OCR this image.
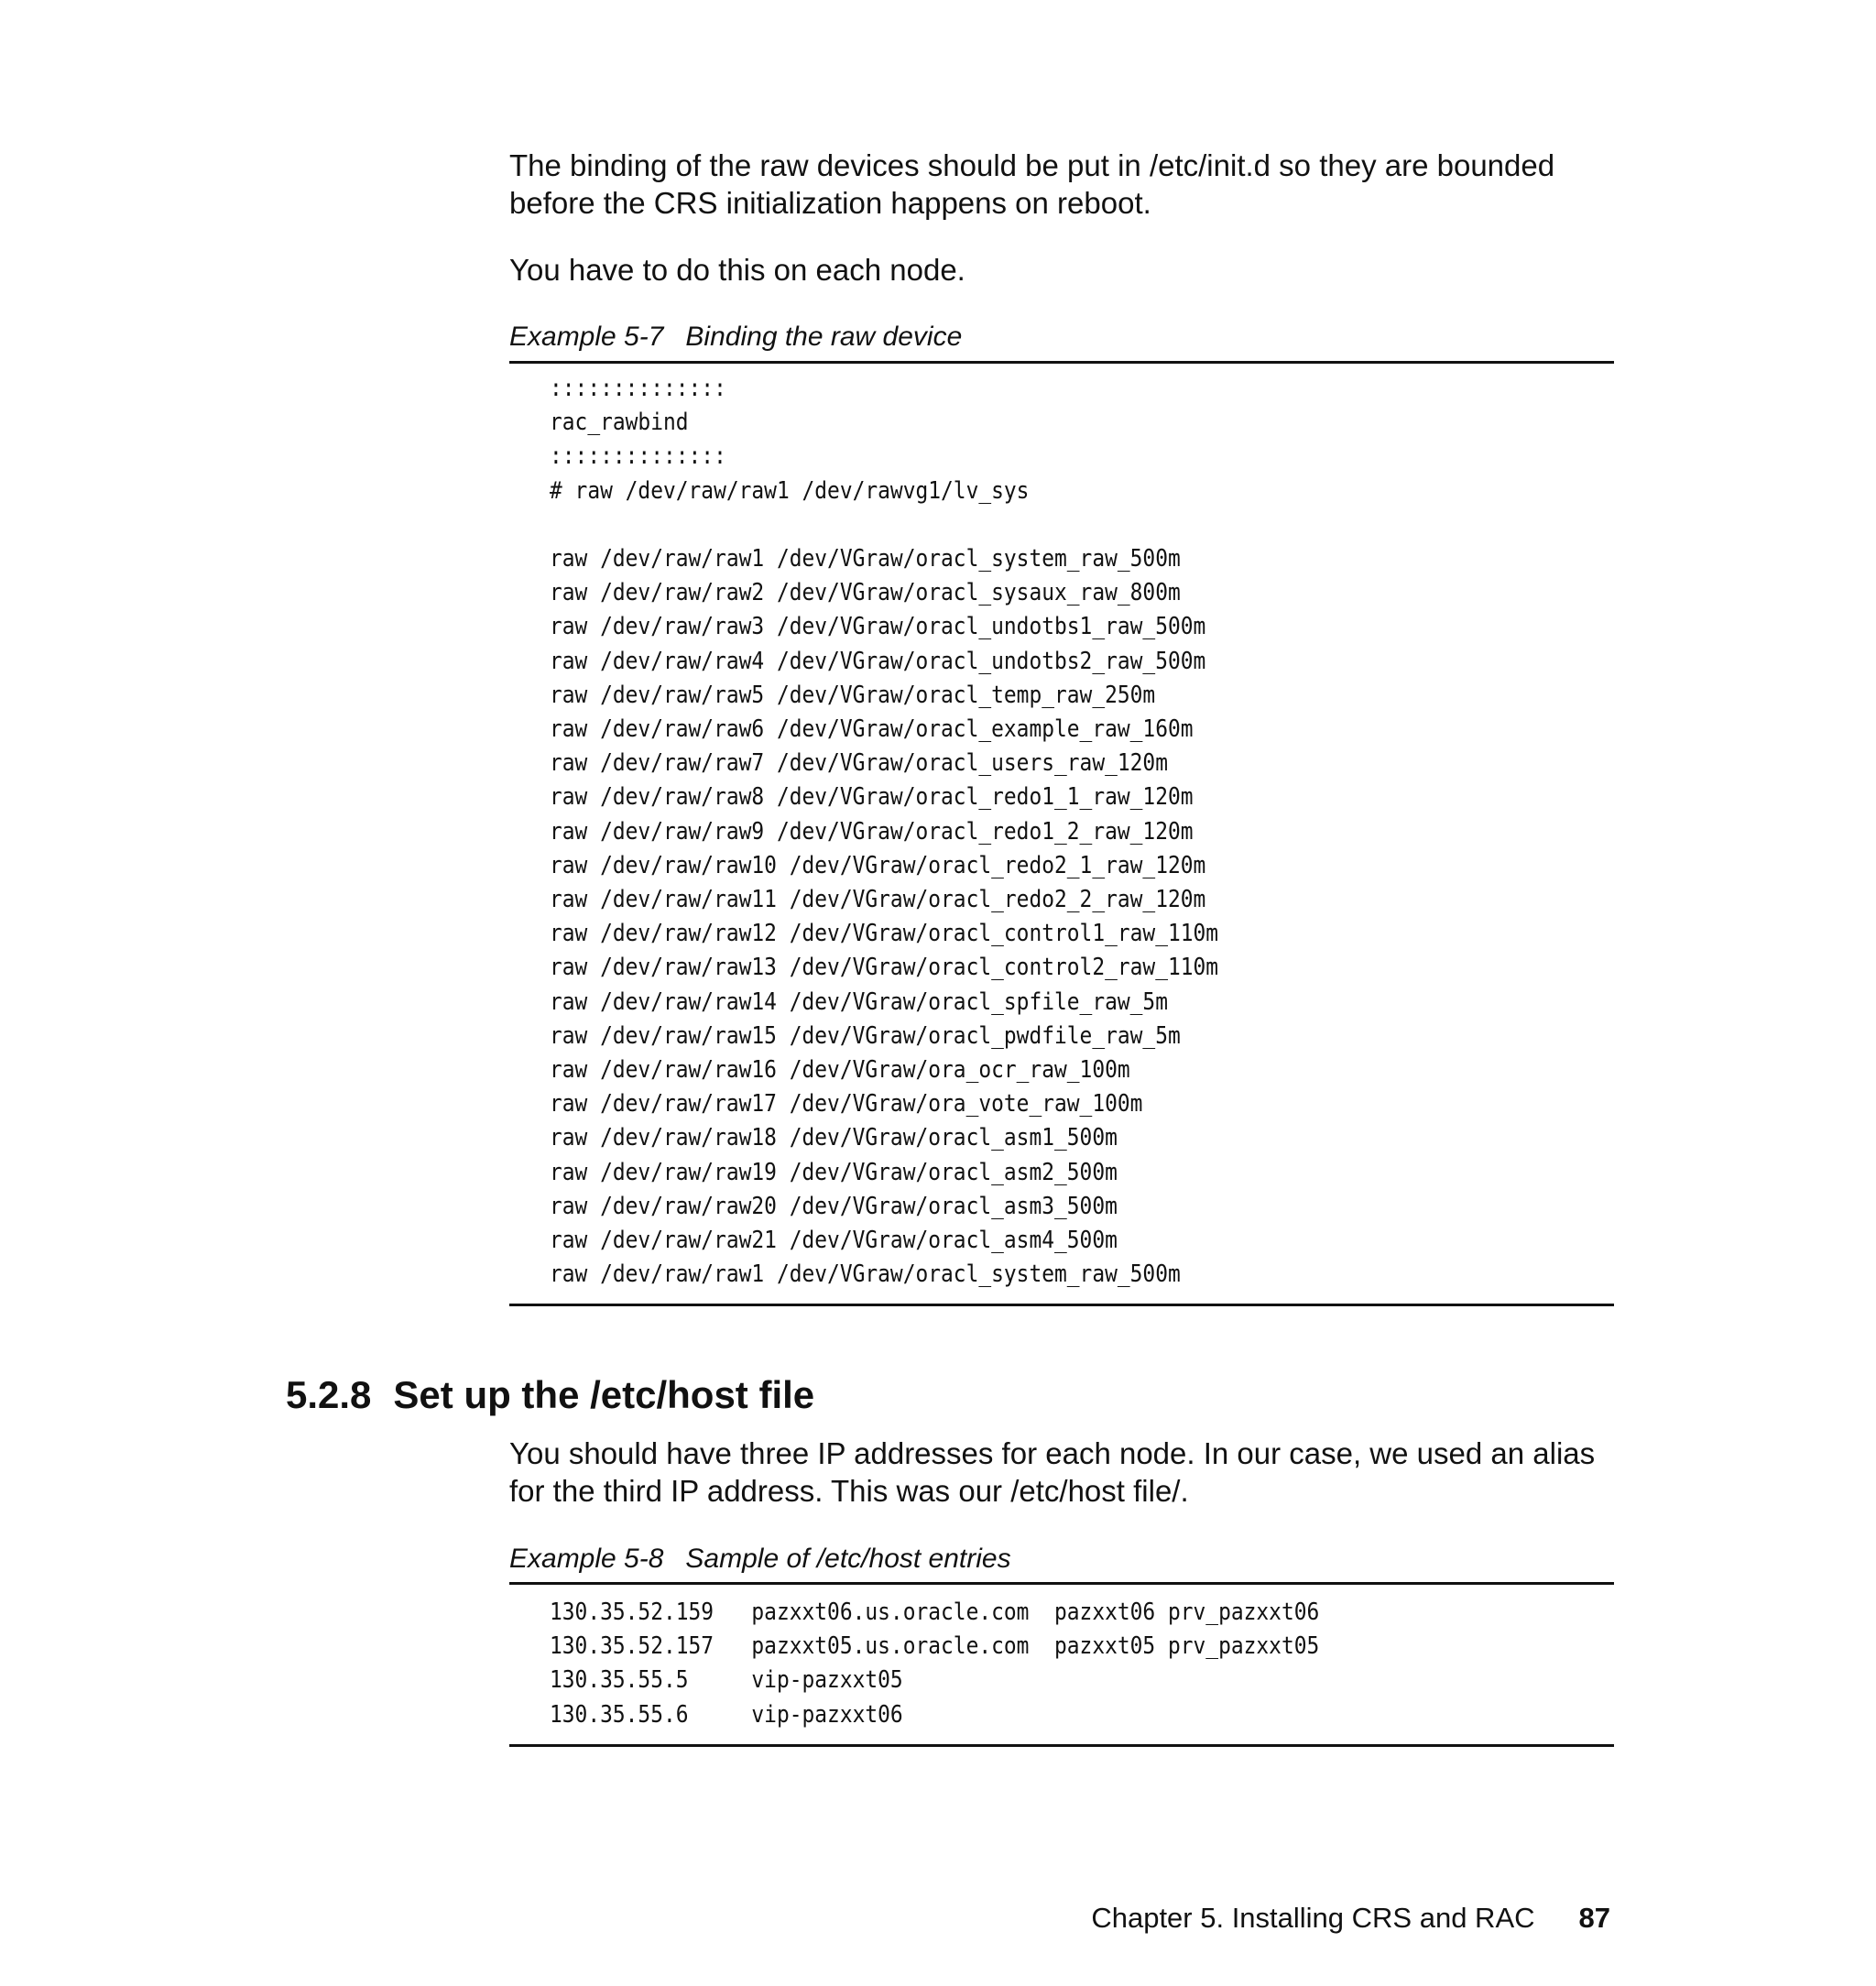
The binding of the raw devices should be put in /etc/init.d so they are bounded before the CRS initialization happens on reboot.

You have to do this on each node.

Example 5-7 Binding the raw device

::::::::::::::
rac_rawbind
::::::::::::::
# raw /dev/raw/raw1 /dev/rawvg1/lv_sys

raw /dev/raw/raw1 /dev/VGraw/oracl_system_raw_500m
raw /dev/raw/raw2 /dev/VGraw/oracl_sysaux_raw_800m
raw /dev/raw/raw3 /dev/VGraw/oracl_undotbs1_raw_500m
raw /dev/raw/raw4 /dev/VGraw/oracl_undotbs2_raw_500m
raw /dev/raw/raw5 /dev/VGraw/oracl_temp_raw_250m
raw /dev/raw/raw6 /dev/VGraw/oracl_example_raw_160m
raw /dev/raw/raw7 /dev/VGraw/oracl_users_raw_120m
raw /dev/raw/raw8 /dev/VGraw/oracl_redo1_1_raw_120m
raw /dev/raw/raw9 /dev/VGraw/oracl_redo1_2_raw_120m
raw /dev/raw/raw10 /dev/VGraw/oracl_redo2_1_raw_120m
raw /dev/raw/raw11 /dev/VGraw/oracl_redo2_2_raw_120m
raw /dev/raw/raw12 /dev/VGraw/oracl_control1_raw_110m
raw /dev/raw/raw13 /dev/VGraw/oracl_control2_raw_110m
raw /dev/raw/raw14 /dev/VGraw/oracl_spfile_raw_5m
raw /dev/raw/raw15 /dev/VGraw/oracl_pwdfile_raw_5m
raw /dev/raw/raw16 /dev/VGraw/ora_ocr_raw_100m
raw /dev/raw/raw17 /dev/VGraw/ora_vote_raw_100m
raw /dev/raw/raw18 /dev/VGraw/oracl_asm1_500m
raw /dev/raw/raw19 /dev/VGraw/oracl_asm2_500m
raw /dev/raw/raw20 /dev/VGraw/oracl_asm3_500m
raw /dev/raw/raw21 /dev/VGraw/oracl_asm4_500m
raw /dev/raw/raw1 /dev/VGraw/oracl_system_raw_500m
5.2.8 Set up the /etc/host file

You should have three IP addresses for each node. In our case, we used an alias for the third IP address. This was our /etc/host file/.

Example 5-8 Sample of /etc/host entries

130.35.52.159   pazxxt06.us.oracle.com  pazxxt06 prv_pazxxt06
130.35.52.157   pazxxt05.us.oracle.com  pazxxt05 prv_pazxxt05
130.35.55.5     vip-pazxxt05
130.35.55.6     vip-pazxxt06
Chapter 5. Installing CRS and RAC 87
